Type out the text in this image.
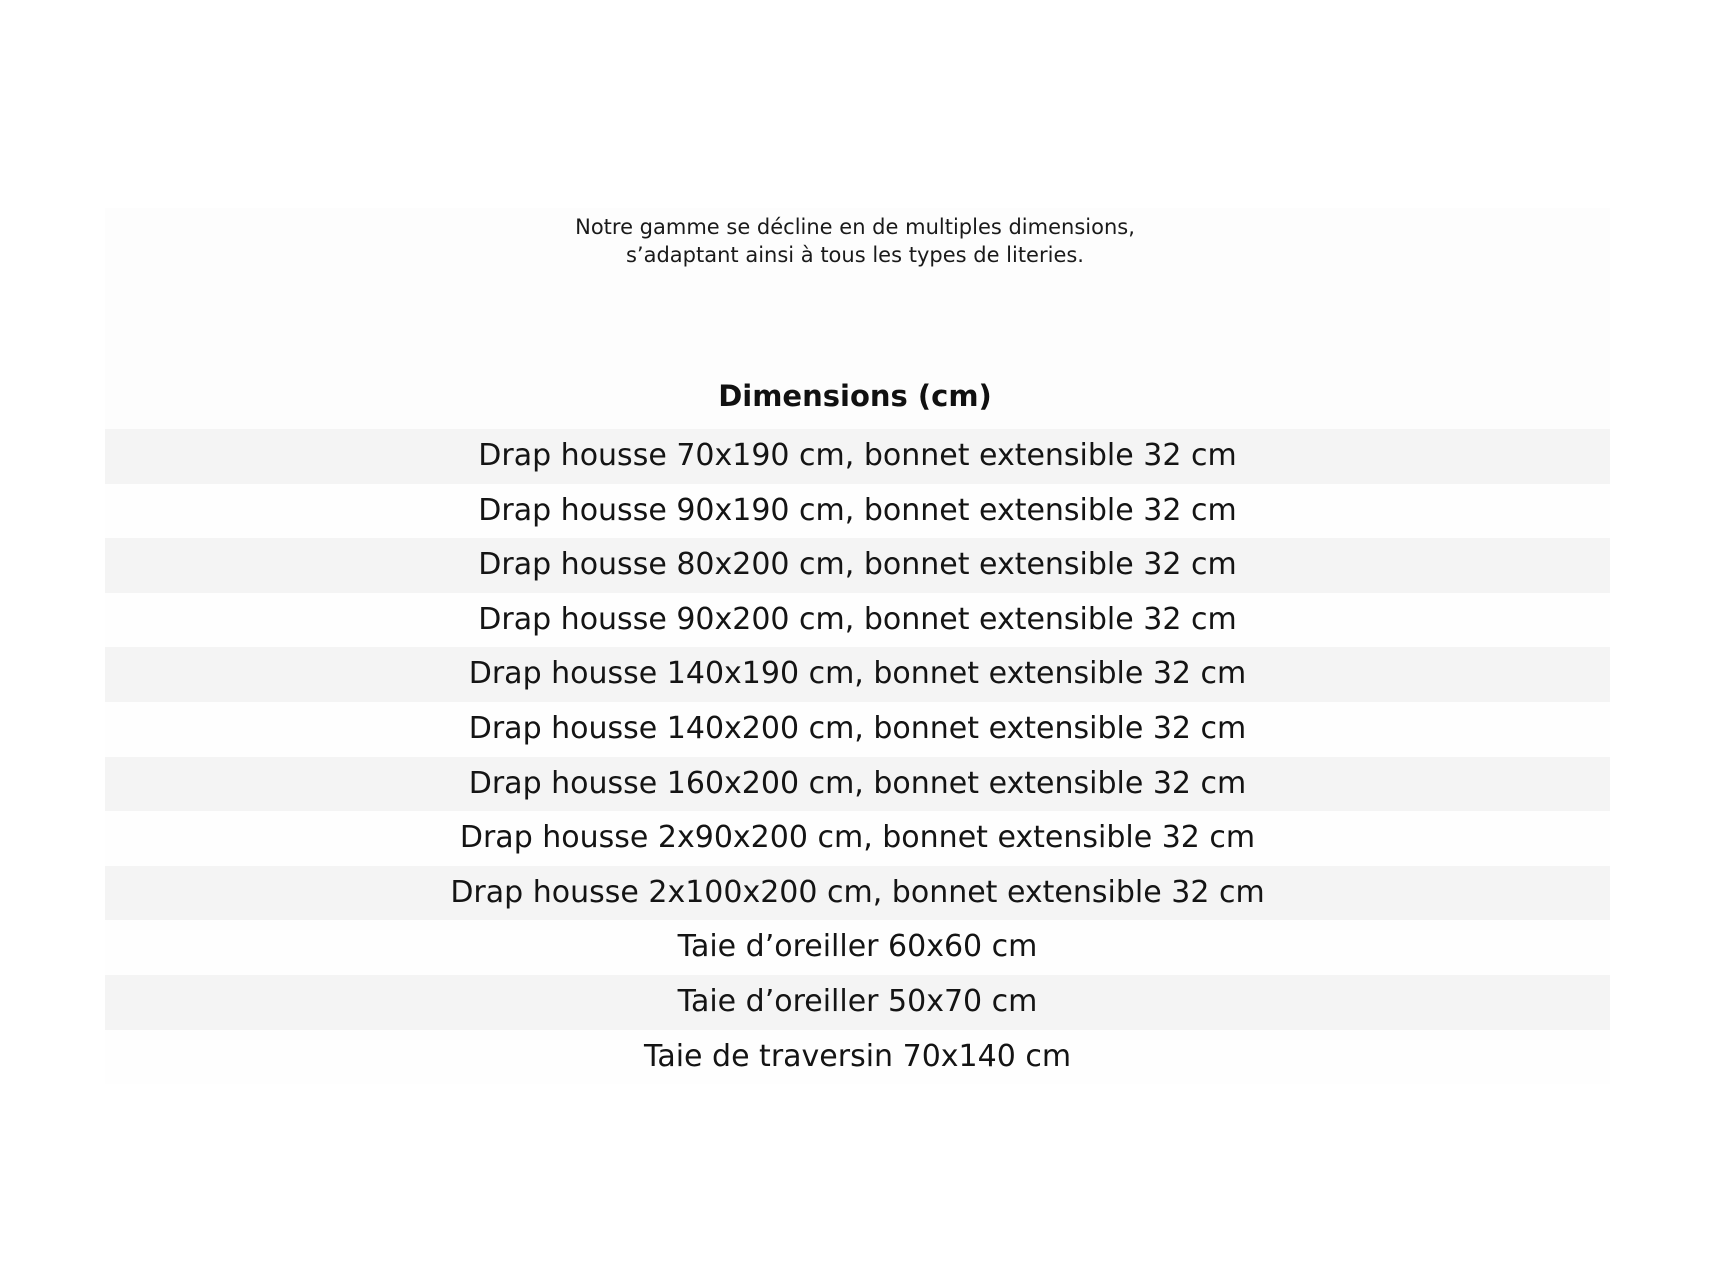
Notre gamme se décline en de multiples dimensions,
s’adaptant ainsi à tous les types de literies.
Dimensions (cm)
Drap housse 70x190 cm, bonnet extensible 32 cm
Drap housse 90x190 cm, bonnet extensible 32 cm
Drap housse 80x200 cm, bonnet extensible 32 cm
Drap housse 90x200 cm, bonnet extensible 32 cm
Drap housse 140x190 cm, bonnet extensible 32 cm
Drap housse 140x200 cm, bonnet extensible 32 cm
Drap housse 160x200 cm, bonnet extensible 32 cm
Drap housse 2x90x200 cm, bonnet extensible 32 cm
Drap housse 2x100x200 cm, bonnet extensible 32 cm
Taie d’oreiller 60x60 cm
Taie d’oreiller 50x70 cm
Taie de traversin 70x140 cm
